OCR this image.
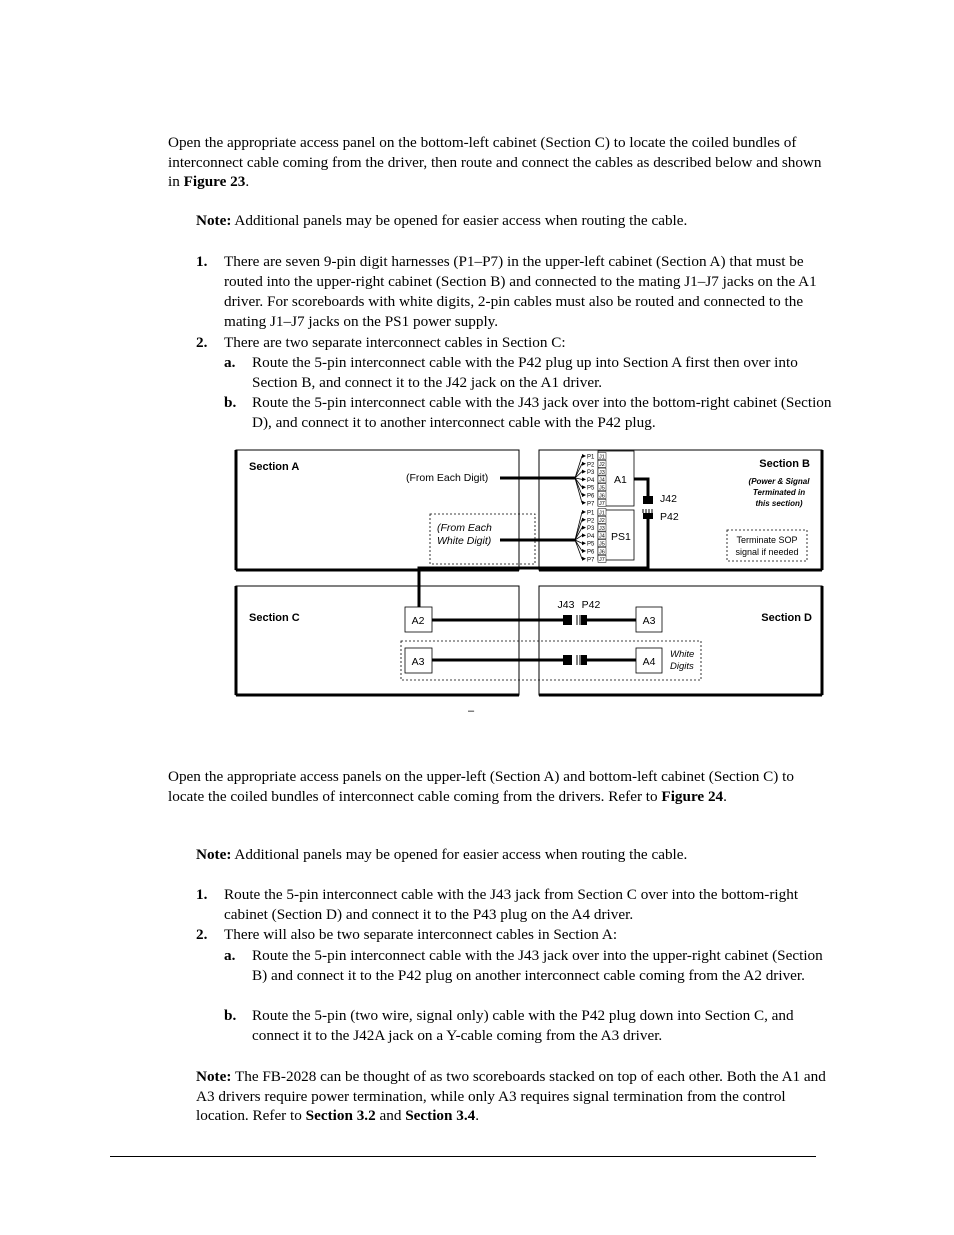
Open the appropriate access panel on the bottom-left cabinet (Section C) to locate the coiled bundles of interconnect cable coming from the driver, then route and connect the cables as described below and shown in Figure 23.

Note: Additional panels may be opened for easier access when routing the cable.

1. There are seven 9-pin digit harnesses (P1–P7) in the upper-left cabinet (Section A) that must be routed into the upper-right cabinet (Section B) and connected to the mating J1–J7 jacks on the A1 driver. For scoreboards with white digits, 2-pin cables must also be routed and connected to the mating J1–J7 jacks on the PS1 power supply.
2. There are two separate interconnect cables in Section C:
a. Route the 5-pin interconnect cable with the P42 plug up into Section A first then over into Section B, and connect it to the J42 jack on the A1 driver.
b. Route the 5-pin interconnect cable with the J43 jack over into the bottom-right cabinet (Section D), and connect it to another interconnect cable with the P42 plug.
Section A	Section B
(Power & Signal
Terminated in
this section)
Section C	Section D
(From Each Digit)
(From Each
White Digit)
A1
PS1
P1 J1
P2 J2
P3 J3
P4 J4
P5 J5
P6 J6
P7 J7
P1 J1
P2 J2
P3 J3
P4 J4
P5 J5
P6 J6
P7 J7
J42
P42
Terminate SOP
signal if needed
A2
J43 P42
A3
A3	A4
White
Digits
–

Open the appropriate access panels on the upper-left (Section A) and bottom-left cabinet (Section C) to locate the coiled bundles of interconnect cable coming from the drivers. Refer to Figure 24.

Note: Additional panels may be opened for easier access when routing the cable.

1. Route the 5-pin interconnect cable with the J43 jack from Section C over into the bottom-right cabinet (Section D) and connect it to the P43 plug on the A4 driver.
2. There will also be two separate interconnect cables in Section A:
a. Route the 5-pin interconnect cable with the J43 jack over into the upper-right cabinet (Section B) and connect it to the P42 plug on another interconnect cable coming from the A2 driver.
b. Route the 5-pin (two wire, signal only) cable with the P42 plug down into Section C, and connect it to the J42A jack on a Y-cable coming from the A3 driver.

Note: The FB-2028 can be thought of as two scoreboards stacked on top of each other. Both the A1 and A3 drivers require power termination, while only A3 requires signal termination from the control location. Refer to Section 3.2 and Section 3.4.
